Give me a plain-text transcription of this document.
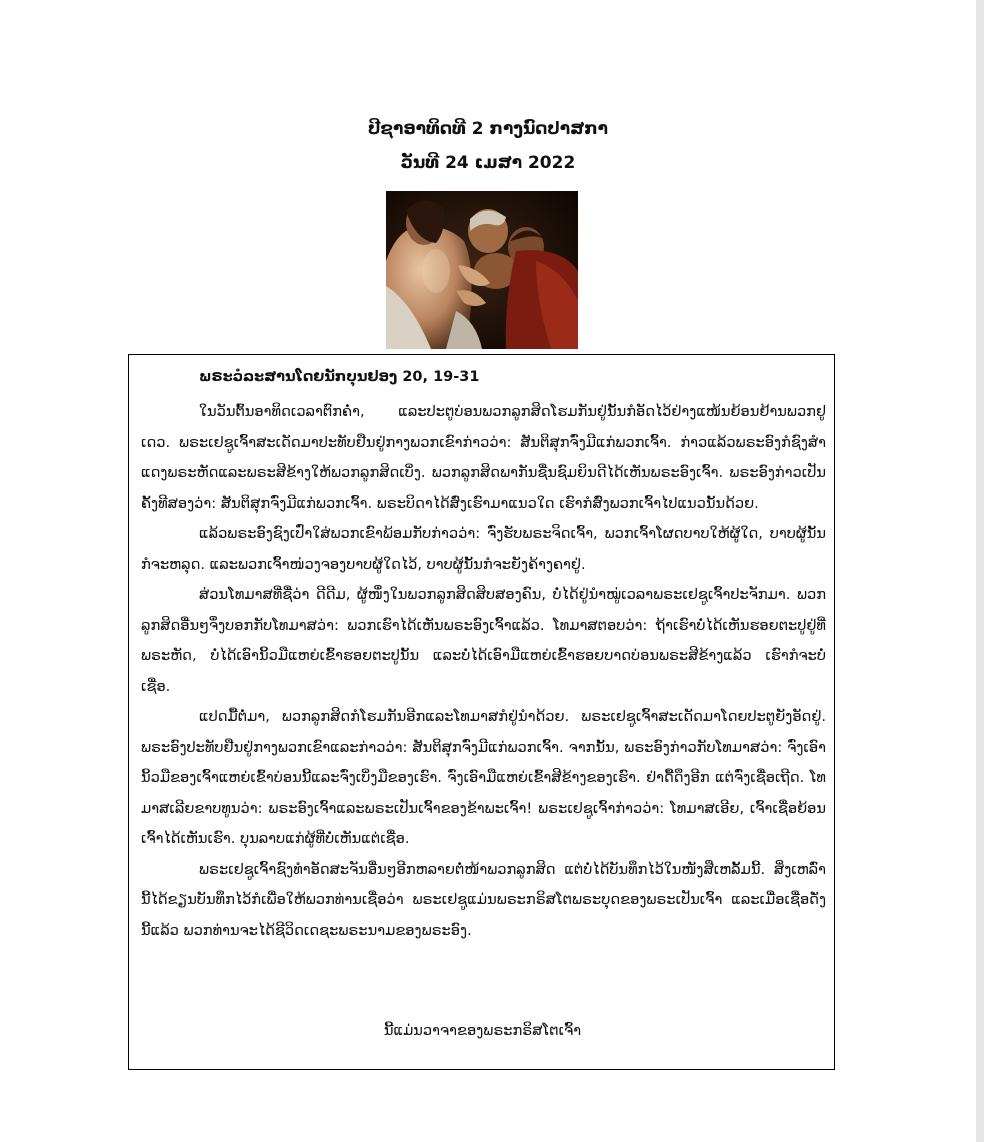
ປີຊາອາທິດທີ 2 ກາງນົດປາສກາ
ວັນທີ 24 ເມສາ 2022
ພຣະວໍລະສານໂດຍນັກບຸນຢອງ 20, 19-31

ໃນວັນຕົ້ນອາທິດເວລາຕົກຄໍ່າ, ແລະປະຕູບ່ອນພວກລູກສິດໂຮມກັນຢູ່ນັ້ນກໍອັດໄວ້ຢ່າງແໜ້ນຍ້ອນຢ້ານພວກຢູເດວ. ພຣະເຢຊູເຈົ້າສະເດັດມາປະທັບຢືນຢູ່ກາງພວກເຂົາກ່າວວ່າ: ສັນຕິສຸກຈົ່ງມີແກ່ພວກເຈົ້າ. ກ່າວແລ້ວພຣະອົງກໍຊົງສໍາແດງພຣະຫັດແລະພຣະສີຂ້າງໃຫ້ພວກລູກສິດເບິ່ງ. ພວກລູກສິດພາກັນຊື່ນຊົມຍິນດີໄດ້ເຫັນພຣະອົງເຈົ້າ. ພຣະອົງກ່າວເປັນຄັ້ງທີສອງວ່າ: ສັນຕິສຸກຈົ່ງມີແກ່ພວກເຈົ້າ. ພຣະບິດາໄດ້ສົ່ງເຮົາມາແນວໃດ ເຮົາກໍສົ່ງພວກເຈົ້າໄປແນວນັ້ນດ້ວຍ.

ແລ້ວພຣະອົງຊົງເປົ່າໃສ່ພວກເຂົາພ້ອມກັບກ່າວວ່າ: ຈົ່ງຮັບພຣະຈິດເຈົ້າ, ພວກເຈົ້າໂຜດບາບໃຫ້ຜູ້ໃດ, ບາບຜູ້ນັ້ນກໍຈະຫລຸດ. ແລະພວກເຈົ້າໜ່ວງຈອງບາບຜູ້ໃດໄວ້, ບາບຜູ້ນັ້ນກໍຈະຍັງຄ້າງຄາຢູ່.

ສ່ວນໂທມາສທີ່ຊື່ວ່າ ດີດີມ, ຜູ້ໜຶ່ງໃນພວກລູກສິດສິບສອງຄົນ, ບໍ່ໄດ້ຢູ່ນໍາໝູ່ເວລາພຣະເຢຊູເຈົ້າປະຈັກມາ. ພວກລູກສິດອື່ນໆຈຶ່ງບອກກັບໂທມາສວ່າ: ພວກເຮົາໄດ້ເຫັນພຣະອົງເຈົ້າແລ້ວ. ໂທມາສຕອບວ່າ: ຖ້າເຮົາບໍ່ໄດ້ເຫັນຮອຍຕະປູຢູ່ທີ່ພຣະຫັດ, ບໍ່ໄດ້ເອົານິ້ວມືແຫຍ່ເຂົ້າຮອຍຕະປູນັ້ນ ແລະບໍ່ໄດ້ເອົາມືແຫຍ່ເຂົ້າຮອຍບາດບ່ອນພຣະສີຂ້າງແລ້ວ ເຮົາກໍຈະບໍ່ເຊື່ອ.

ແປດມື້ຕໍ່ມາ, ພວກລູກສິດກໍໂຮມກັນອີກແລະໂທມາສກໍຢູ່ນໍາດ້ວຍ. ພຣະເຢຊູເຈົ້າສະເດັດມາໂດຍປະຕູຍັງອັດຢູ່. ພຣະອົງປະທັບຢືນຢູ່ກາງພວກເຂົາແລະກ່າວວ່າ: ສັນຕິສຸກຈົ່ງມີແກ່ພວກເຈົ້າ. ຈາກນັ້ນ, ພຣະອົງກ່າວກັບໂທມາສວ່າ: ຈົ່ງເອົານິ້ວມືຂອງເຈົ້າແຫຍ່ເຂົ້າບ່ອນນີ້ແລະຈົ່ງເບິ່ງມືຂອງເຮົາ. ຈົ່ງເອົາມືແຫຍ່ເຂົ້າສີຂ້າງຂອງເຮົາ. ຢ່າດື້ດຶງອີກ ແຕ່ຈົ່ງເຊື່ອເຖີດ. ໂທມາສເລີຍຂາບທູນວ່າ: ພຣະອົງເຈົ້າແລະພຣະເປັນເຈົ້າຂອງຂ້າພະເຈົ້າ! ພຣະເຢຊູເຈົ້າກ່າວວ່າ: ໂທມາສເອີຍ, ເຈົ້າເຊື່ອຍ້ອນເຈົ້າໄດ້ເຫັນເຮົາ. ບຸນລາບແກ່ຜູ້ທີ່ບໍ່ເຫັນແຕ່ເຊື່ອ.

ພຣະເຢຊູເຈົ້າຊົງທໍາອັດສະຈັນອື່ນໆອີກຫລາຍຕໍ່ໜ້າພວກລູກສິດ ແຕ່ບໍ່ໄດ້ບັນທຶກໄວ້ໃນໜັງສືເຫລັ້ມນີ້. ສິ່ງເຫລົ່ານີ້ໄດ້ຂຽນບັນທຶກໄວ້ກໍເພື່ອໃຫ້ພວກທ່ານເຊື່ອວ່າ ພຣະເຢຊູແມ່ນພຣະກຣິສໂຕພຣະບຸດຂອງພຣະເປັນເຈົ້າ ແລະເມື່ອເຊື່ອດັ່ງນີ້ແລ້ວ ພວກທ່ານຈະໄດ້ຊີວິດເດຊະພຣະນາມຂອງພຣະອົງ.

ນີ້ແມ່ນວາຈາຂອງພຣະກຣິສໂຕເຈົ້າ
